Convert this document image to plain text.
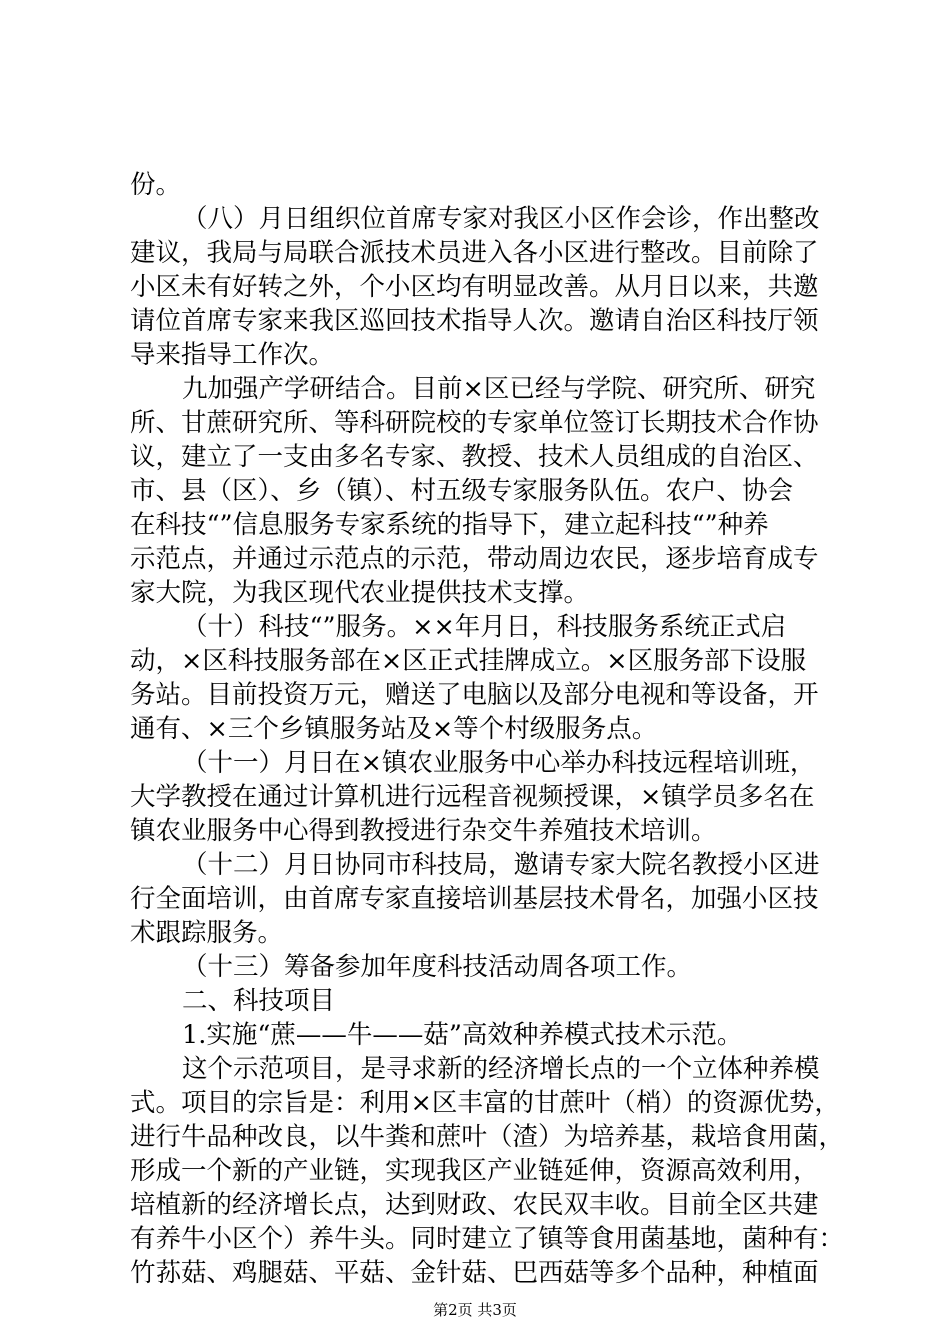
份。
（八）月日组织位首席专家对我区小区作会诊，作出整改
建议，我局与局联合派技术员进入各小区进行整改。目前除了
小区未有好转之外，个小区均有明显改善。从月日以来，共邀
请位首席专家来我区巡回技术指导人次。邀请自治区科技厅领
导来指导工作次。
九加强产学研结合。目前×区已经与学院、研究所、研究
所、甘蔗研究所、等科研院校的专家单位签订长期技术合作协
议，建立了一支由多名专家、教授、技术人员组成的自治区、
市、县（区）、乡（镇）、村五级专家服务队伍。农户、协会
在科技“”信息服务专家系统的指导下，建立起科技“”种养
示范点，并通过示范点的示范，带动周边农民，逐步培育成专
家大院，为我区现代农业提供技术支撑。
（十）科技“”服务。××年月日，科技服务系统正式启
动，×区科技服务部在×区正式挂牌成立。×区服务部下设服
务站。目前投资万元，赠送了电脑以及部分电视和等设备，开
通有、×三个乡镇服务站及×等个村级服务点。
（十一）月日在×镇农业服务中心举办科技远程培训班，
大学教授在通过计算机进行远程音视频授课，×镇学员多名在
镇农业服务中心得到教授进行杂交牛养殖技术培训。
（十二）月日协同市科技局，邀请专家大院名教授小区进
行全面培训，由首席专家直接培训基层技术骨名，加强小区技
术跟踪服务。
（十三）筹备参加年度科技活动周各项工作。
二、科技项目
1.实施“蔗——牛——菇”高效种养模式技术示范。
这个示范项目，是寻求新的经济增长点的一个立体种养模
式。项目的宗旨是：利用×区丰富的甘蔗叶（梢）的资源优势，
进行牛品种改良，以牛粪和蔗叶（渣）为培养基，栽培食用菌，
形成一个新的产业链，实现我区产业链延伸，资源高效利用，
培植新的经济增长点，达到财政、农民双丰收。目前全区共建
有养牛小区个）养牛头。同时建立了镇等食用菌基地，菌种有：
竹荪菇、鸡腿菇、平菇、金针菇、巴西菇等多个品种，种植面
第2页 共3页
